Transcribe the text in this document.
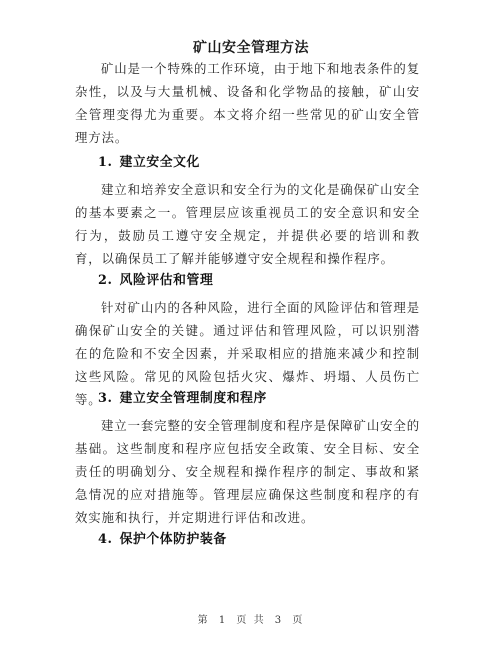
矿山安全管理方法

矿山是一个特殊的工作环境，由于地下和地表条件的复杂性，以及与大量机械、设备和化学物品的接触，矿山安全管理变得尤为重要。本文将介绍一些常见的矿山安全管理方法。

1. 建立安全文化

建立和培养安全意识和安全行为的文化是确保矿山安全的基本要素之一。管理层应该重视员工的安全意识和安全行为，鼓励员工遵守安全规定，并提供必要的培训和教育，以确保员工了解并能够遵守安全规程和操作程序。

2. 风险评估和管理

针对矿山内的各种风险，进行全面的风险评估和管理是确保矿山安全的关键。通过评估和管理风险，可以识别潜在的危险和不安全因素，并采取相应的措施来减少和控制这些风险。常见的风险包括火灾、爆炸、坍塌、人员伤亡等。

3. 建立安全管理制度和程序

建立一套完整的安全管理制度和程序是保障矿山安全的基础。这些制度和程序应包括安全政策、安全目标、安全责任的明确划分、安全规程和操作程序的制定、事故和紧急情况的应对措施等。管理层应确保这些制度和程序的有效实施和执行，并定期进行评估和改进。

4. 保护个体防护装备
第 1 页 共 3 页
